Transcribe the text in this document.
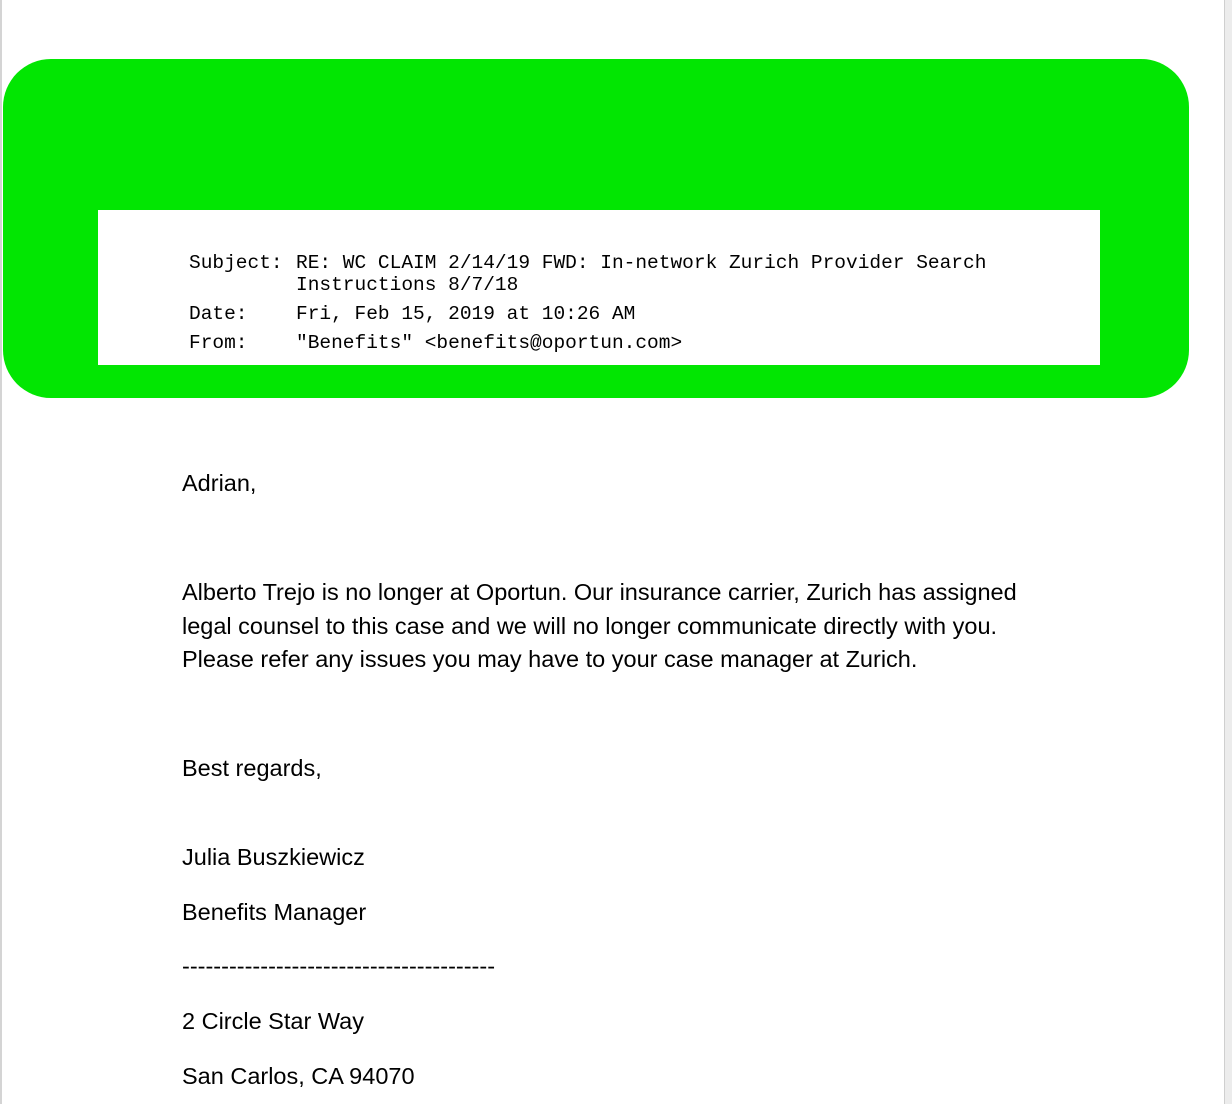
Subject: RE: WC CLAIM 2/14/19 FWD: In-network Zurich Provider Search
Instructions 8/7/18
Date: Fri, Feb 15, 2019 at 10:26 AM
From: "Benefits" <benefits@oportun.com>
Adrian,

Alberto Trejo is no longer at Oportun. Our insurance carrier, Zurich has assigned

legal counsel to this case and we will no longer communicate directly with you.

Please refer any issues you may have to your case manager at Zurich.

Best regards,
Julia Buszkiewicz
Benefits Manager
----------------------------------------
2 Circle Star Way
San Carlos, CA 94070
